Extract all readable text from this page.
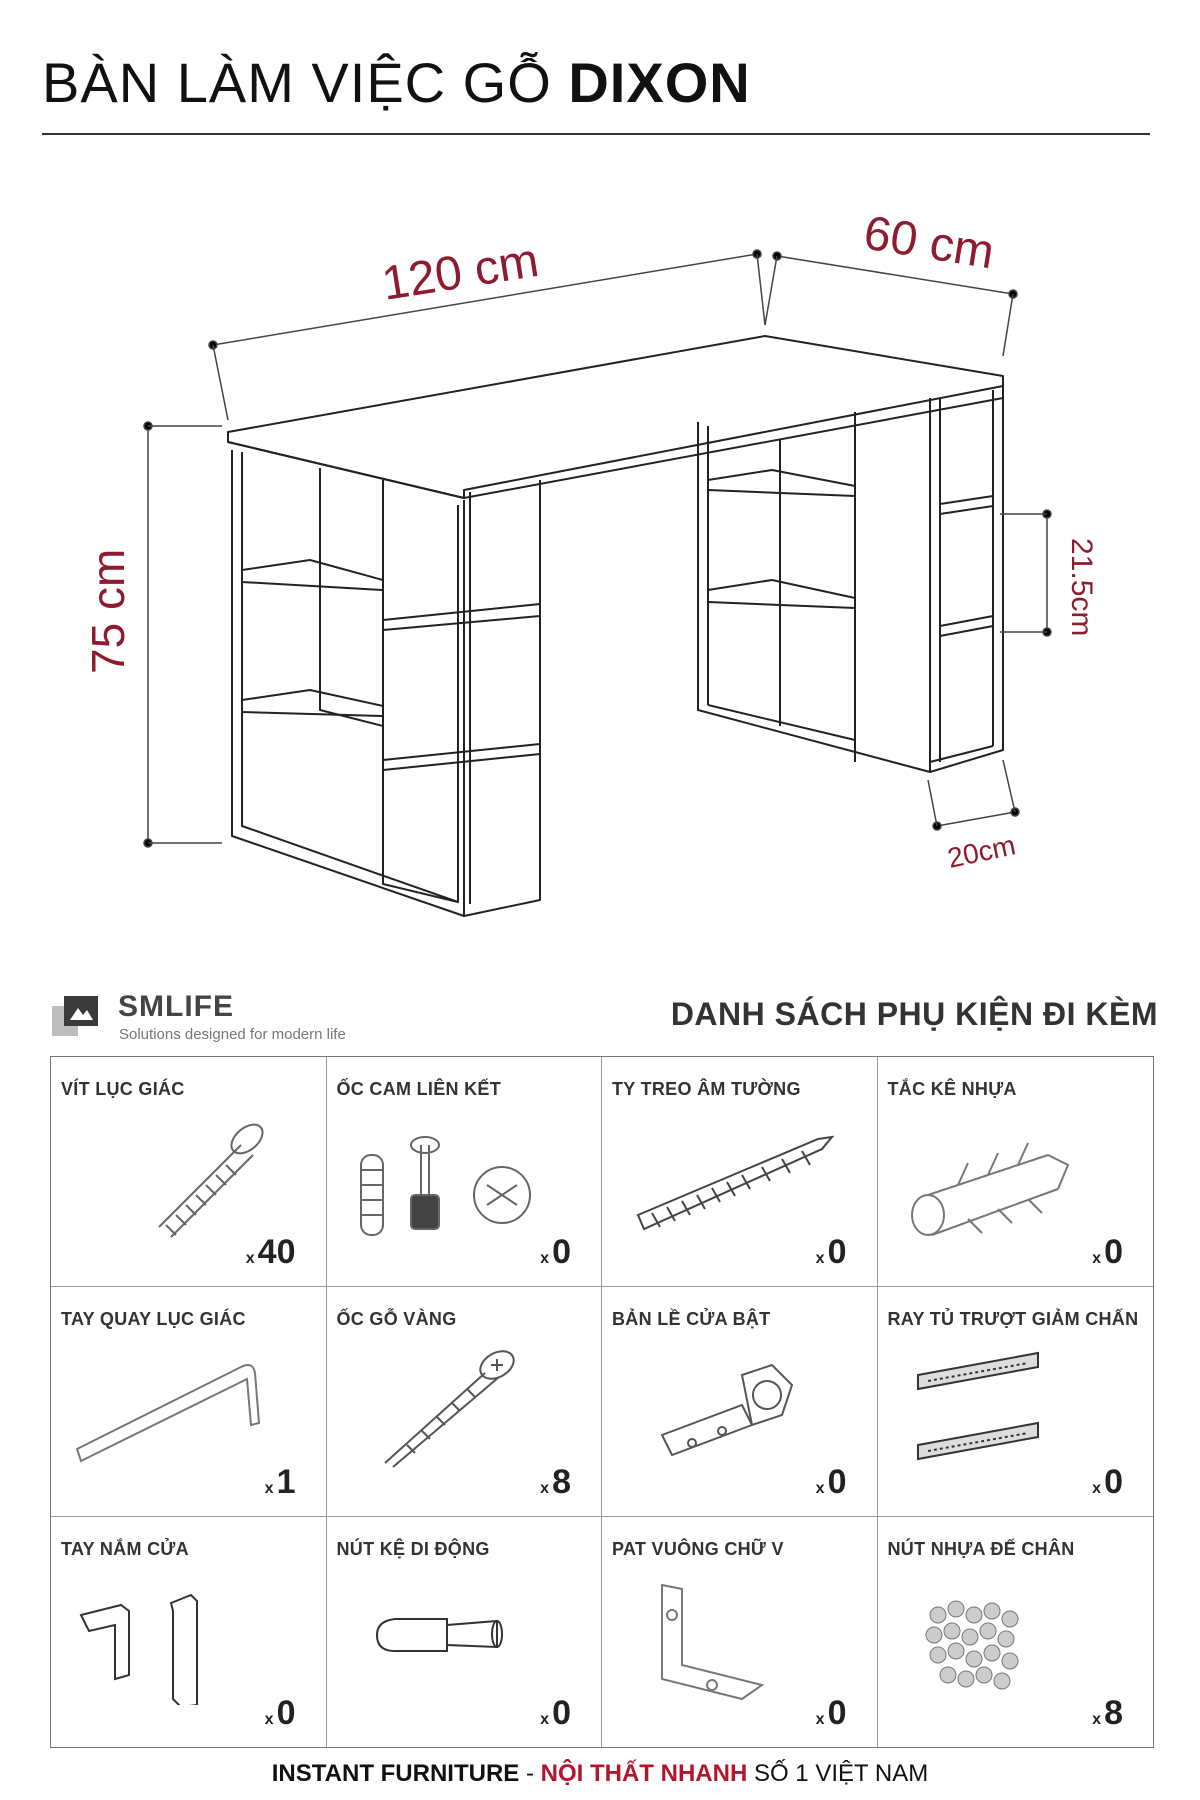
BÀN LÀM VIỆC GỖ DIXON
120 cm	60 cm
75 cm	21.5cm
20cm
SMLIFE
Solutions designed for modern life
DANH SÁCH PHỤ KIỆN ĐI KÈM
VÍT LỤC GIÁC
x 40
ỐC CAM LIÊN KẾT
x 0
TY TREO ÂM TƯỜNG
x 0
TẮC KÊ NHỰA
x 0
TAY QUAY LỤC GIÁC
x 1
ỐC GỖ VÀNG
x 8
BẢN LỀ CỬA BẬT
x 0
RAY TỦ TRƯỢT GIẢM CHẤN
x 0
TAY NẮM CỬA
x 0
NÚT KỆ DI ĐỘNG
x 0
PAT VUÔNG CHỮ V
x 0
NÚT NHỰA ĐẾ CHÂN
x 8
INSTANT FURNITURE - NỘI THẤT NHANH SỐ 1 VIỆT NAM
